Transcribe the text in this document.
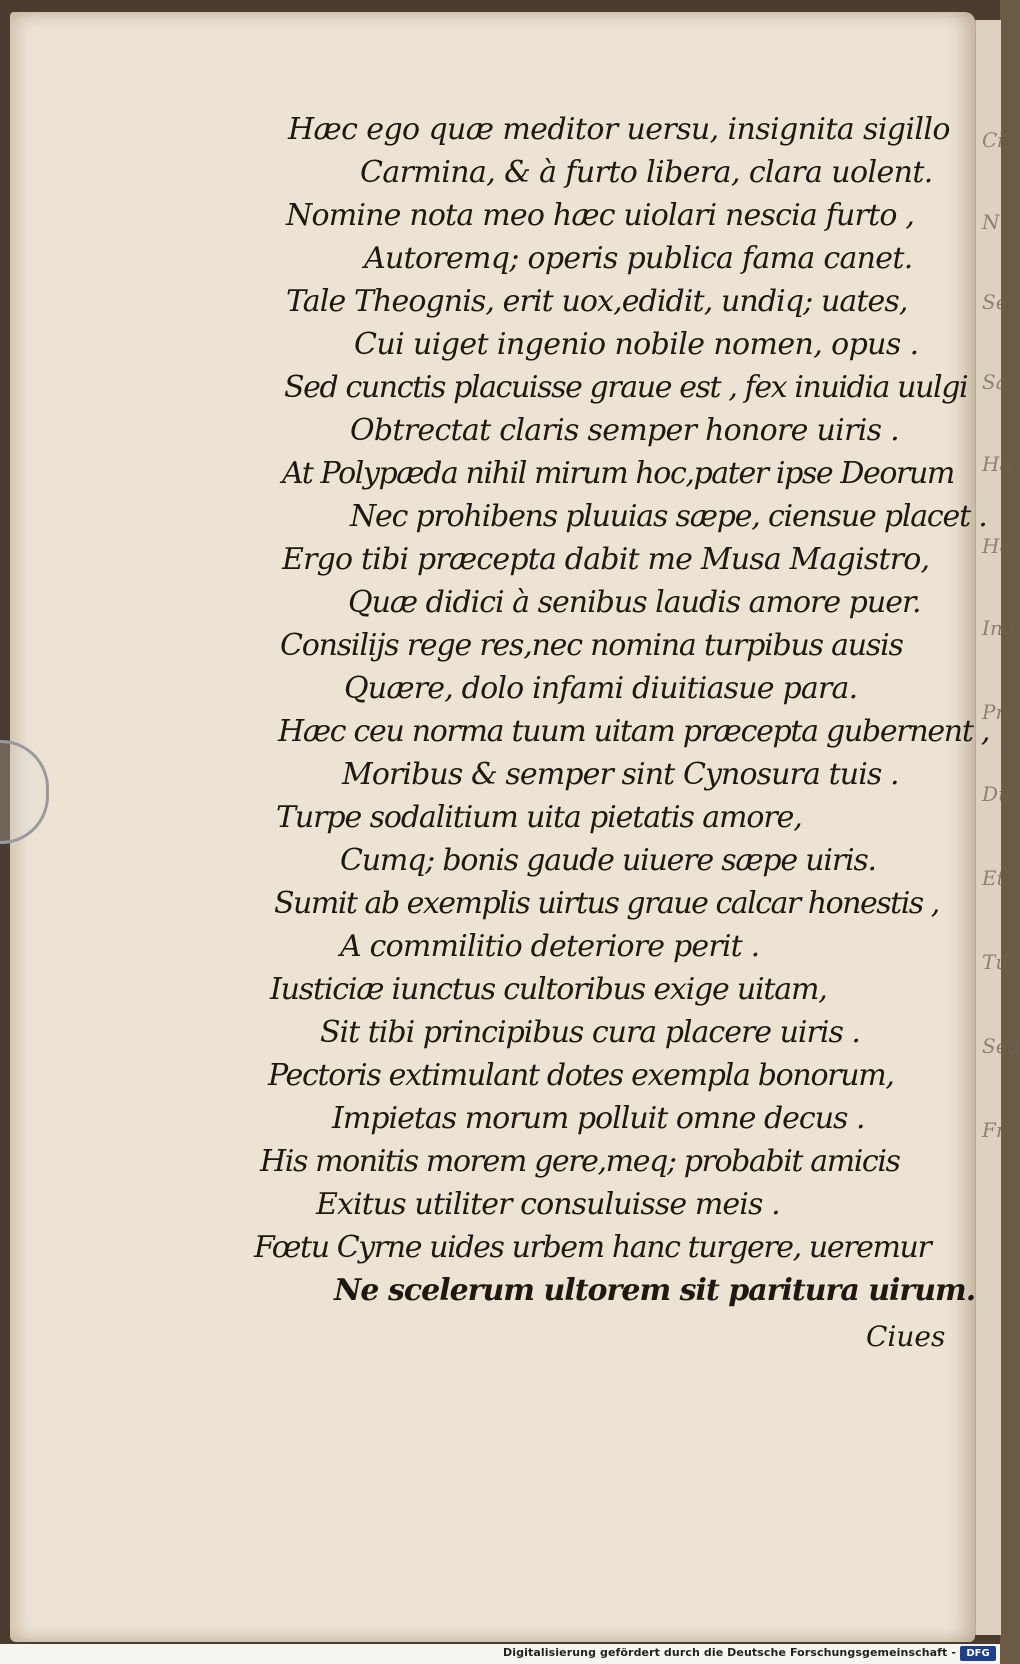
Ci
N
Se
Sa
Ha
He
Ind
Pr
Du
Et
Tu
Sed
Fr
Hæc ego quæ meditor uersu, insignita sigillo
Carmina, & à furto libera, clara uolent.
Nomine nota meo hæc uiolari nescia furto ,
Autoremq; operis publica fama canet.
Tale Theognis, erit uox,edidit, undiq; uates,
Cui uiget ingenio nobile nomen, opus .
Sed cunctis placuisse graue est , fex inuidia uulgi
Obtrectat claris semper honore uiris .
At Polypæda nihil mirum hoc,pater ipse Deorum
Nec prohibens pluuias sæpe, ciensue placet .
Ergo tibi præcepta dabit me Musa Magistro,
Quæ didici à senibus laudis amore puer.
Consilijs rege res,nec nomina turpibus ausis
Quære, dolo infami diuitiasue para.
Hæc ceu norma tuum uitam præcepta gubernent ,
Moribus & semper sint Cynosura tuis .
Turpe sodalitium uita pietatis amore,
Cumq; bonis gaude uiuere sæpe uiris.
Sumit ab exemplis uirtus graue calcar honestis ,
A commilitio deteriore perit .
Iusticiæ iunctus cultoribus exige uitam,
Sit tibi principibus cura placere uiris .
Pectoris extimulant dotes exempla bonorum,
Impietas morum polluit omne decus .
His monitis morem gere,meq; probabit amicis
Exitus utiliter consuluisse meis .
Fœtu Cyrne uides urbem hanc turgere, ueremur
Ne scelerum ultorem sit paritura uirum.
Ciues
Digitalisierung gefördert durch die Deutsche Forschungsgemeinschaft -	DFG
